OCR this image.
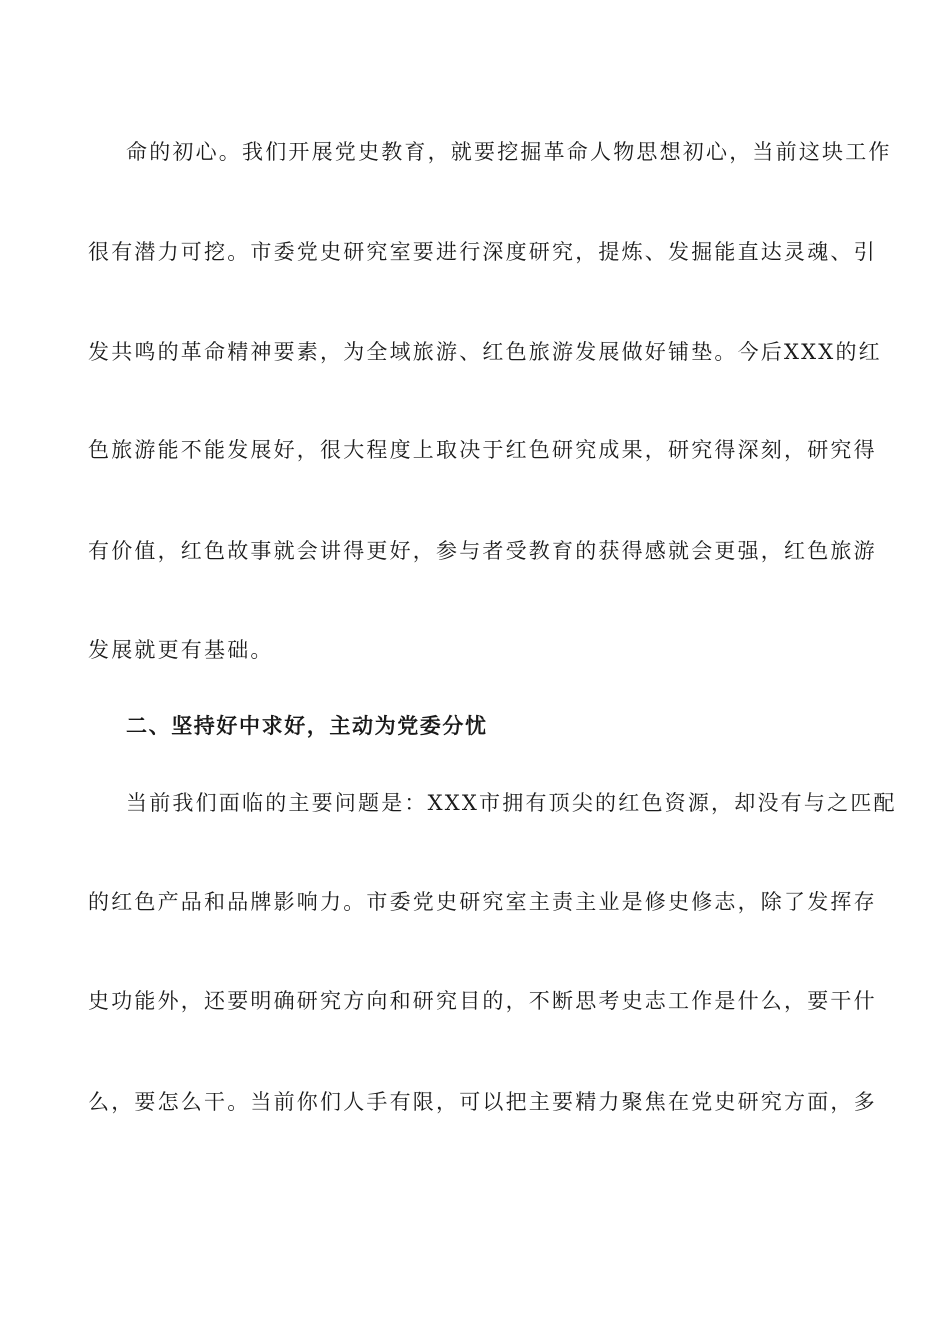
命的初心。我们开展党史教育，就要挖掘革命人物思想初心，当前这块工作
很有潜力可挖。市委党史研究室要进行深度研究，提炼、发掘能直达灵魂、引
发共鸣的革命精神要素，为全域旅游、红色旅游发展做好铺垫。今后XXX的红
色旅游能不能发展好，很大程度上取决于红色研究成果，研究得深刻，研究得
有价值，红色故事就会讲得更好，参与者受教育的获得感就会更强，红色旅游
发展就更有基础。
二、坚持好中求好，主动为党委分忧
当前我们面临的主要问题是：XXX市拥有顶尖的红色资源，却没有与之匹配
的红色产品和品牌影响力。市委党史研究室主责主业是修史修志，除了发挥存
史功能外，还要明确研究方向和研究目的，不断思考史志工作是什么，要干什
么，要怎么干。当前你们人手有限，可以把主要精力聚焦在党史研究方面，多
